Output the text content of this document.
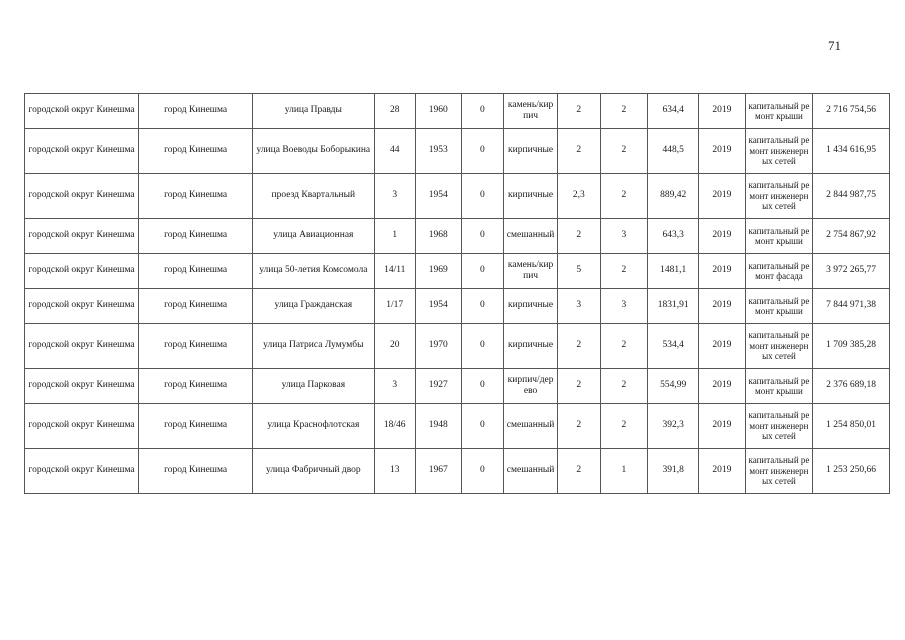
71
городской округ Кинешма	город Кинешма	улица Правды	28	1960	0	камень/кирпич	2	2	634,4	2019	капитальный ремонт крыши	2 716 754,56
городской округ Кинешма	город Кинешма	улица Воеводы Боборыкина	44	1953	0	кирпичные	2	2	448,5	2019	капитальный ремонт инженерных сетей	1 434 616,95
городской округ Кинешма	город Кинешма	проезд Квартальный	3	1954	0	кирпичные	2,3	2	889,42	2019	капитальный ремонт инженерных сетей	2 844 987,75
городской округ Кинешма	город Кинешма	улица Авиационная	1	1968	0	смешанный	2	3	643,3	2019	капитальный ремонт крыши	2 754 867,92
городской округ Кинешма	город Кинешма	улица 50-летия Комсомола	14/11	1969	0	камень/кирпич	5	2	1481,1	2019	капитальный ремонт фасада	3 972 265,77
городской округ Кинешма	город Кинешма	улица Гражданская	1/17	1954	0	кирпичные	3	3	1831,91	2019	капитальный ремонт крыши	7 844 971,38
городской округ Кинешма	город Кинешма	улица Патриса Лумумбы	20	1970	0	кирпичные	2	2	534,4	2019	капитальный ремонт инженерных сетей	1 709 385,28
городской округ Кинешма	город Кинешма	улица Парковая	3	1927	0	кирпич/дерево	2	2	554,99	2019	капитальный ремонт крыши	2 376 689,18
городской округ Кинешма	город Кинешма	улица Краснофлотская	18/46	1948	0	смешанный	2	2	392,3	2019	капитальный ремонт инженерных сетей	1 254 850,01
городской округ Кинешма	город Кинешма	улица Фабричный двор	13	1967	0	смешанный	2	1	391,8	2019	капитальный ремонт инженерных сетей	1 253 250,66
